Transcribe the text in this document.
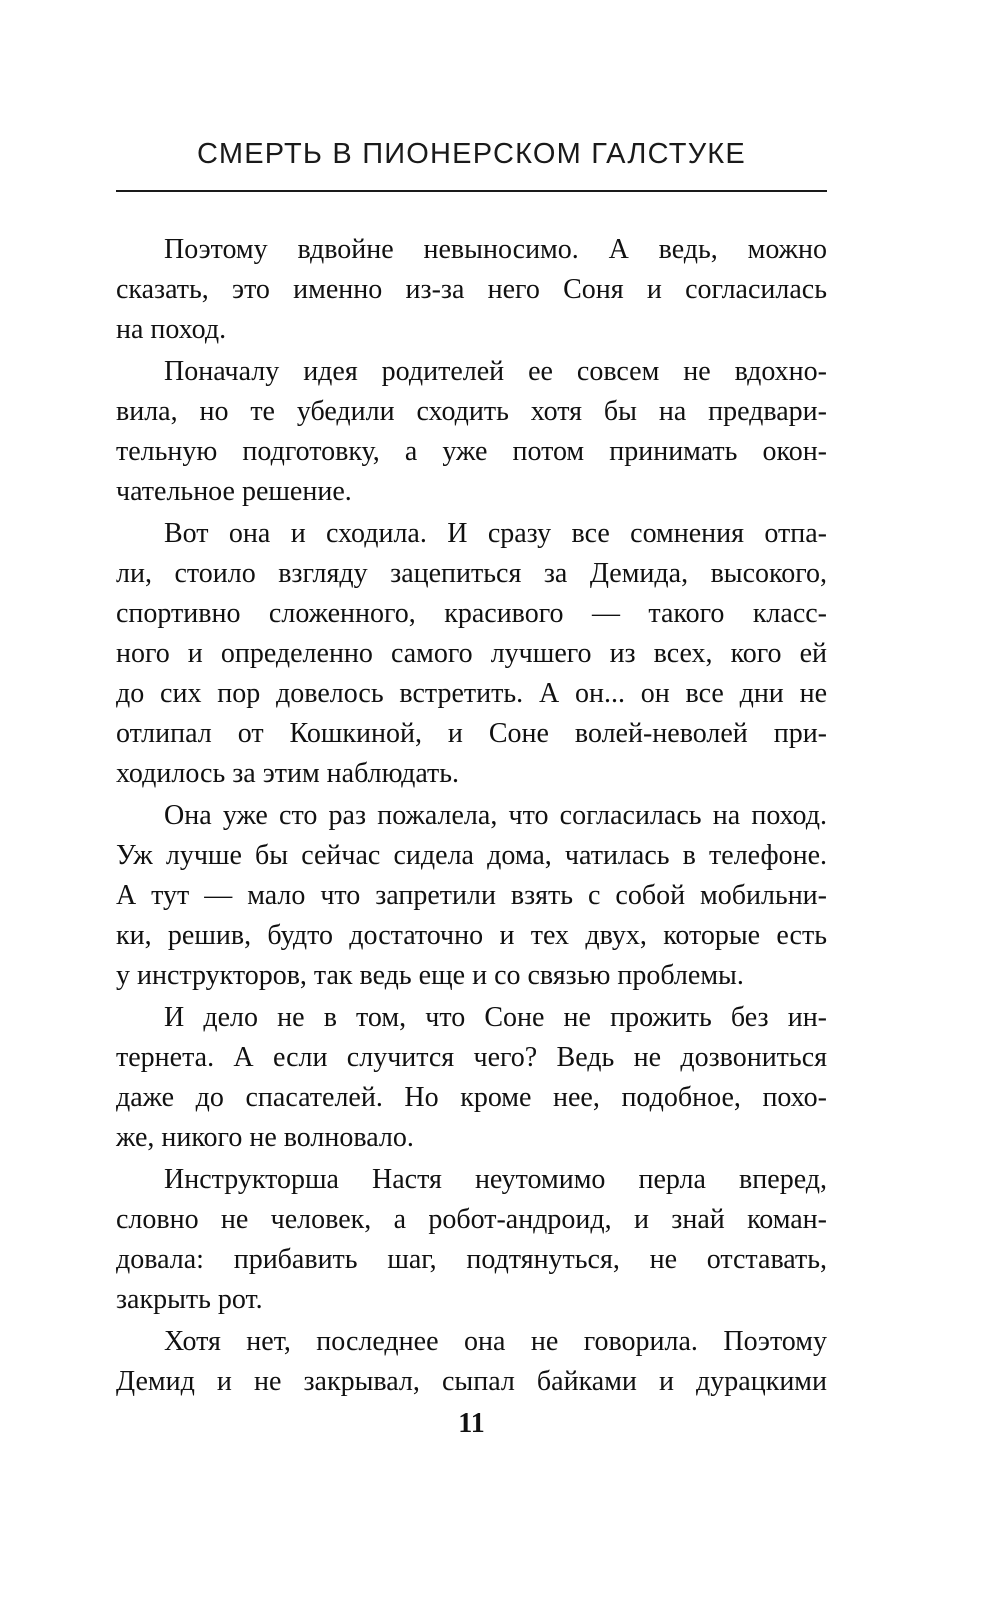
СМЕРТЬ В ПИОНЕРСКОМ ГАЛСТУКЕ
Поэтому вдвойне невыносимо. А ведь, можно
сказать, это именно из-за него Соня и согласилась
на поход.
Поначалу идея родителей ее совсем не вдохно-
вила, но те убедили сходить хотя бы на предвари-
тельную подготовку, а уже потом принимать окон-
чательное решение.
Вот она и сходила. И сразу все сомнения отпа-
ли, стоило взгляду зацепиться за Демида, высокого,
спортивно сложенного, красивого — такого класс-
ного и определенно самого лучшего из всех, кого ей
до сих пор довелось встретить. А он... он все дни не
отлипал от Кошкиной, и Соне волей-неволей при-
ходилось за этим наблюдать.
Она уже сто раз пожалела, что согласилась на поход.
Уж лучше бы сейчас сидела дома, чатилась в телефоне.
А тут — мало что запретили взять с собой мобильни-
ки, решив, будто достаточно и тех двух, которые есть
у инструкторов, так ведь еще и со связью проблемы.
И дело не в том, что Соне не прожить без ин-
тернета. А если случится чего? Ведь не дозвониться
даже до спасателей. Но кроме нее, подобное, похо-
же, никого не волновало.
Инструкторша Настя неутомимо перла вперед,
словно не человек, а робот-андроид, и знай коман-
довала: прибавить шаг, подтянуться, не отставать,
закрыть рот.
Хотя нет, последнее она не говорила. Поэтому
Демид и не закрывал, сыпал байками и дурацкими
11
